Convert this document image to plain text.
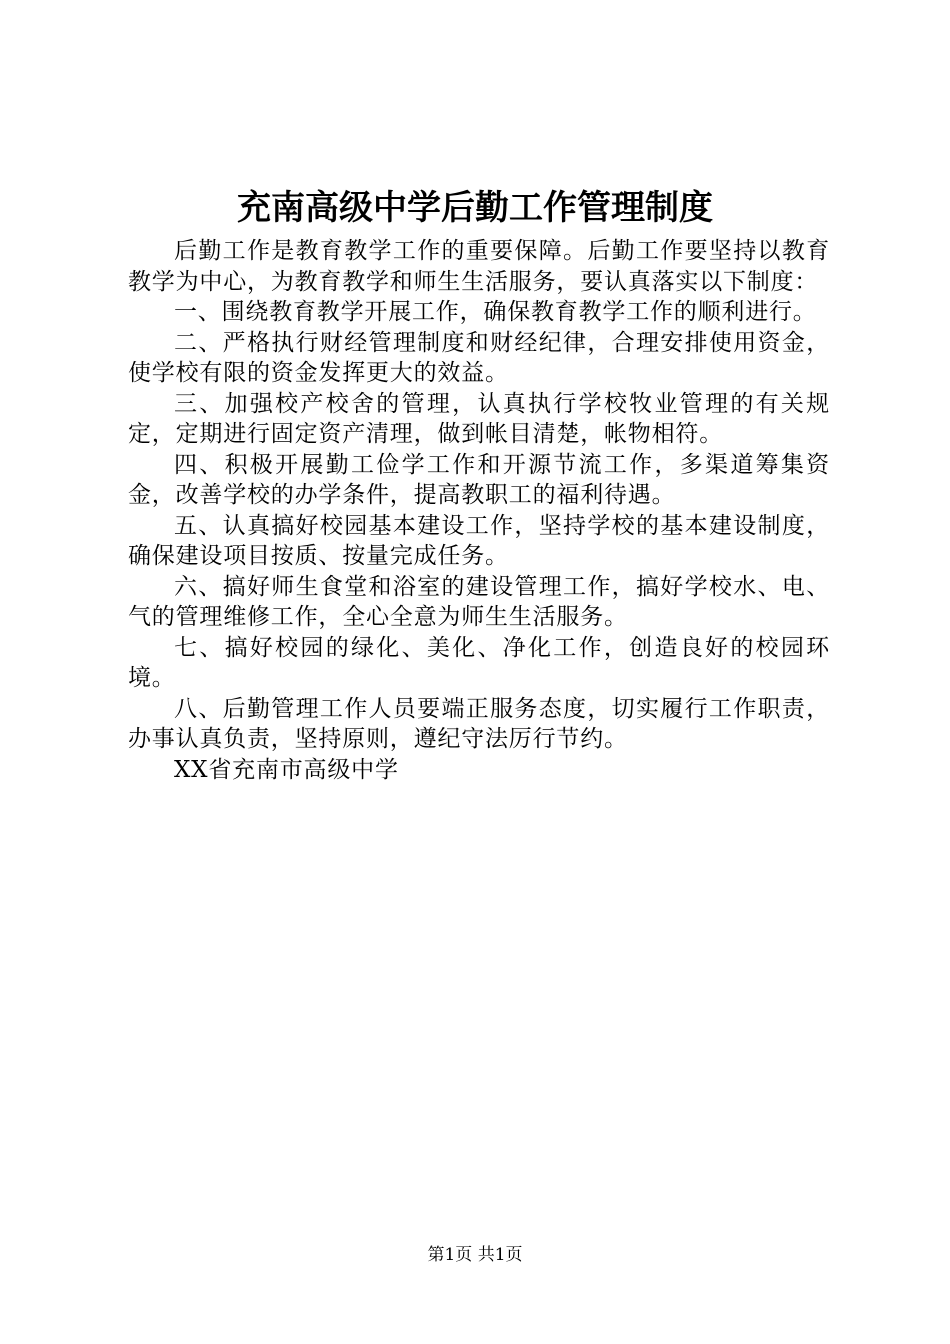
充南高级中学后勤工作管理制度

后勤工作是教育教学工作的重要保障。后勤工作要坚持以教育教学为中心，为教育教学和师生生活服务，要认真落实以下制度：

一、围绕教育教学开展工作，确保教育教学工作的顺利进行。

二、严格执行财经管理制度和财经纪律，合理安排使用资金，使学校有限的资金发挥更大的效益。

三、加强校产校舍的管理，认真执行学校牧业管理的有关规定，定期进行固定资产清理，做到帐目清楚，帐物相符。

四、积极开展勤工俭学工作和开源节流工作，多渠道筹集资金，改善学校的办学条件，提高教职工的福利待遇。

五、认真搞好校园基本建设工作，坚持学校的基本建设制度，确保建设项目按质、按量完成任务。

六、搞好师生食堂和浴室的建设管理工作，搞好学校水、电、气的管理维修工作，全心全意为师生生活服务。

七、搞好校园的绿化、美化、净化工作，创造良好的校园环境。

八、后勤管理工作人员要端正服务态度，切实履行工作职责，办事认真负责，坚持原则，遵纪守法厉行节约。

XX省充南市高级中学

第1页 共1页
